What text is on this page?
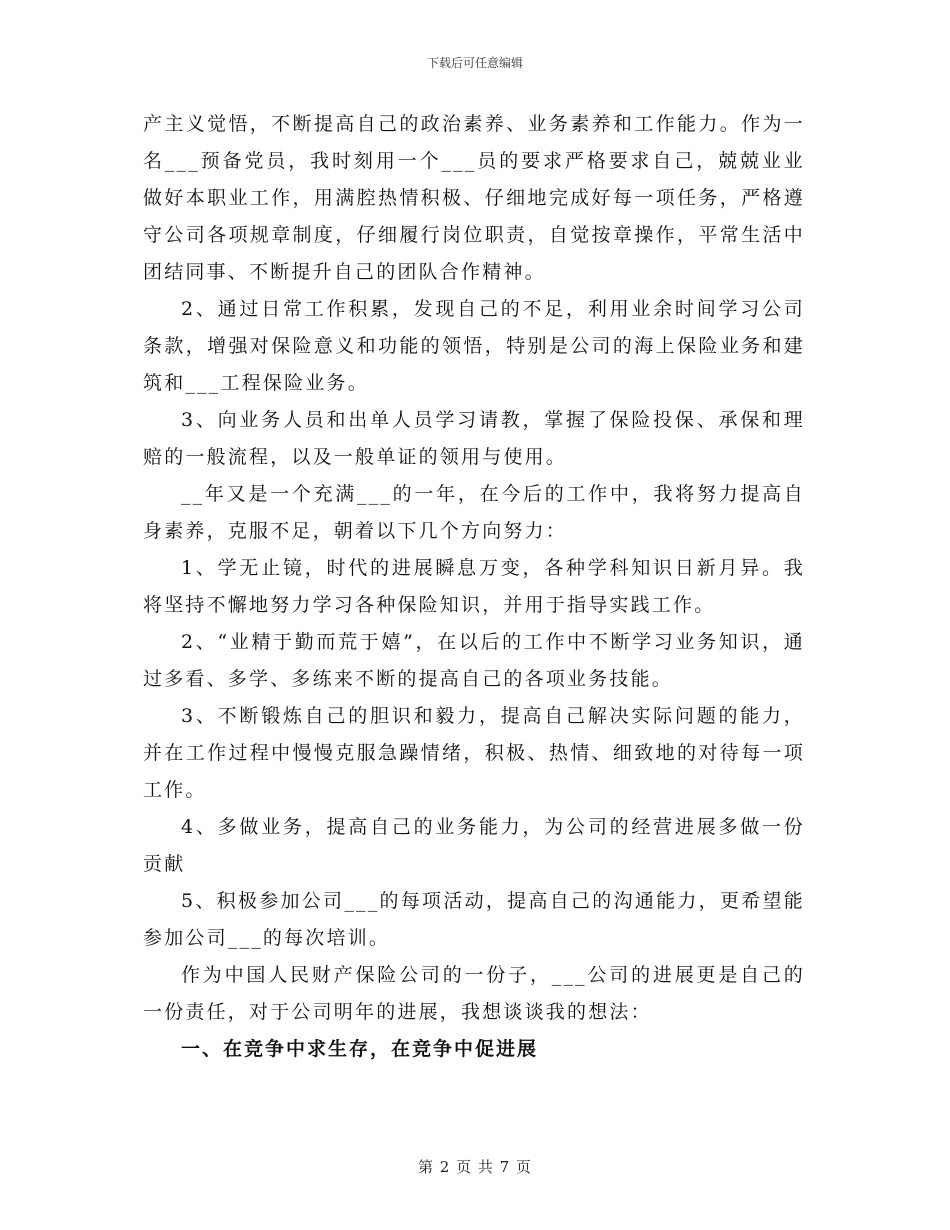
下载后可任意编辑

产主义觉悟，不断提高自己的政治素养、业务素养和工作能力。作为一名___预备党员，我时刻用一个___员的要求严格要求自己，兢兢业业做好本职业工作，用满腔热情积极、仔细地完成好每一项任务，严格遵守公司各项规章制度，仔细履行岗位职责，自觉按章操作，平常生活中团结同事、不断提升自己的团队合作精神。

2、通过日常工作积累，发现自己的不足，利用业余时间学习公司条款，增强对保险意义和功能的领悟，特别是公司的海上保险业务和建筑和___工程保险业务。

3、向业务人员和出单人员学习请教，掌握了保险投保、承保和理赔的一般流程，以及一般单证的领用与使用。

__年又是一个充满___的一年，在今后的工作中，我将努力提高自身素养，克服不足，朝着以下几个方向努力：

1、学无止镜，时代的进展瞬息万变，各种学科知识日新月异。我将坚持不懈地努力学习各种保险知识，并用于指导实践工作。

2、“业精于勤而荒于嬉”，在以后的工作中不断学习业务知识，通过多看、多学、多练来不断的提高自己的各项业务技能。

3、不断锻炼自己的胆识和毅力，提高自己解决实际问题的能力，并在工作过程中慢慢克服急躁情绪，积极、热情、细致地的对待每一项工作。

4、多做业务，提高自己的业务能力，为公司的经营进展多做一份贡献

5、积极参加公司___的每项活动，提高自己的沟通能力，更希望能参加公司___的每次培训。

作为中国人民财产保险公司的一份子，___公司的进展更是自己的一份责任，对于公司明年的进展，我想谈谈我的想法：

一、在竞争中求生存，在竞争中促进展

第 2 页 共 7 页
